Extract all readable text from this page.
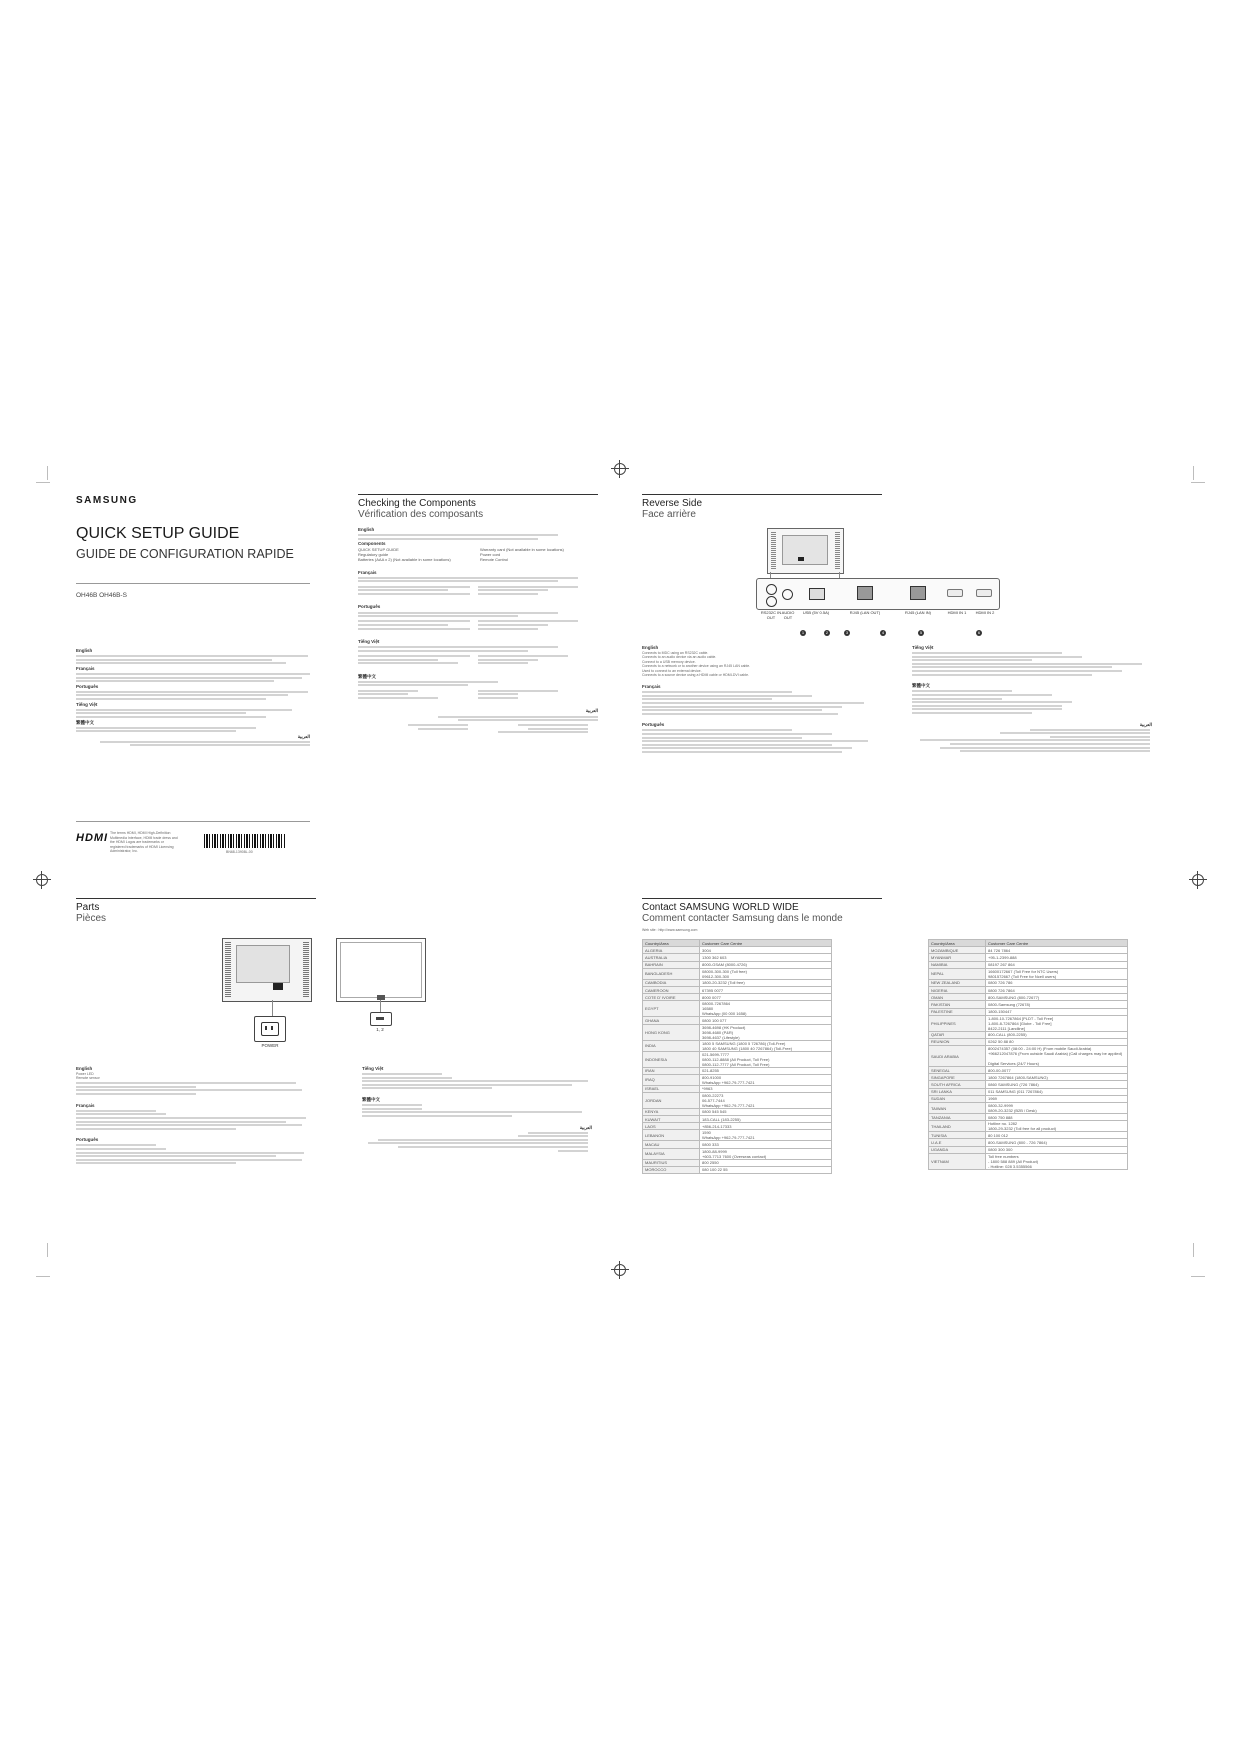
SAMSUNG
QUICK SETUP GUIDE
GUIDE DE CONFIGURATION RAPIDE
OH46B OH46B-S
English
Français
Português
Tiếng Việt
繁體中文
العربية
HDMI The terms HDMI, HDMI High-Definition Multimedia Interface, HDMI trade dress and the HDMI Logos are trademarks or registered trademarks of HDMI Licensing Administrator, Inc.	BN68-13908L-00
Checking the Components
Vérification des composants
English
Components
QUICK SETUP GUIDE
Regulatory guide
Batteries (AAA x 2) (Not available in some locations)
Warranty card (Not available in some locations)
Power cord
Remote Control
Français
Português
Tiếng Việt
繁體中文
العربية
Reverse Side
Face arrière
RS232C IN
OUT
AUDIO OUT
USB (5V 0.5A)	RJ45 (LAN OUT)	RJ45 (LAN IN)	HDMI IN 1	HDMI IN 2
1	2	3	4	5	6
English
Connects to MDC using an RS232C cable.
Connects to an audio device via an audio cable.
Connect to a USB memory device.
Connects to a network or to another device using an RJ45 LAN cable.
Used to connect to an external device.
Connects to a source device using a HDMI cable or HDMI-DVI cable.
Français
Português
Tiếng Việt
繁體中文
العربية
Parts
Pièces
POWER
1, 2
English
Power LED
Remote sensor
Français
Português
Tiếng Việt
繁體中文
العربية
Contact SAMSUNG WORLD WIDE
Comment contacter Samsung dans le monde
Web site : http://www.samsung.com
Country/Area	Customer Care Centre
ALGERIA	3004
AUSTRALIA	1300 362 603
BAHRAIN	8000-GSAM (8000-4726)
BANGLADESH	08000-300-300 (Toll free)
09612-300-300
CAMBODIA	1800-20-3232 (Toll free)
CAMEROON	67395 0077
COTE D' IVOIRE	8000 0077
EGYPT	08000-7267864
16580
WhatsApp (00 000 1658)
GHANA	0800 100 077
HONG KONG	3698-4698 (HK Product)
3698-4680 (P&R)
3698-4637 (Lifestyle)
INDIA	1800 5 SAMSUNG (1800 5 726786) (Toll-Free)
1800 40 SAMSUNG (1800 40 7267864) (Toll-Free)
INDONESIA	021-5699-7777
0800-112-8888 (All Product, Toll Free)
0800-112-7777 (All Product, Toll Free)
IRAN	021-8255
IRAQ	800-91000
WhatsApp +962-79-777-7421
ISRAEL	*9963
JORDAN	0800-22273
06-577-7444
WhatsApp +962-79-777-7421
KENYA	0800 545 545
KUWAIT	183-CALL (183-2255)
LAOS	+856-214-17333
LEBANON	1590
WhatsApp +962-79-777-7421
MACAU	0800 333
MALAYSIA	1800-88-9999
+603-7713 7600 (Overseas contact)
MAURITIUS	800 2550
MOROCCO	080 100 22 55
Country/Area	Customer Care Centre
MOZAMBIQUE	84 726 7864
MYANMAR	+95-1-2399-888
NAMIBIA	08197 267 864
NEPAL	16600172667 (Toll Free for NTC Users)
9801572667 (Toll Free for Ncell users)
NEW ZEALAND	0800 726 786
NIGERIA	0800 726 7864
OMAN	800-SAMSUNG (800-72677)
PAKISTAN	0800-Samsung (72678)
PALESTINE	1800-150447
PHILIPPINES	1-800-10-7267864 [PLDT - Toll Free]
1-800-8-7267864 [Globe - Toll Free]
8422-2111 [Landline]
QATAR	800-CALL (800-2255)
REUNION	0262 50 88 80
SAUDI ARABIA	8002474357 (08:00 - 24:00 H) (From mobile Saudi Arabia)
+966212047876 (From outside Saudi Arabia) (Call charges may be applied)

Digital Services (24/7 Hours)
SENEGAL	800-00-0077
SINGAPORE	1800 7267864 (1800-SAMSUNG)
SOUTH AFRICA	0860 SAMSUNG (726 7864)
SRI LANKA	011 SAMSUNG (011 7267864)
SUDAN	1969
TAIWAN	0800-32-9999
0809-20-3232 (B2B / Desk)
TANZANIA	0800 750 888
THAILAND	Hotline no. 1282
1800-29-3232 (Toll free for all product)
TUNISIA	80 100 012
U.A.E	800-SAMSUNG (800 - 726 7864)
UGANDA	0800 300 300
VIETNAM	Toll free numbers
- 1800 588 889 (All Product)
- Hotline: 028 3.5355566
